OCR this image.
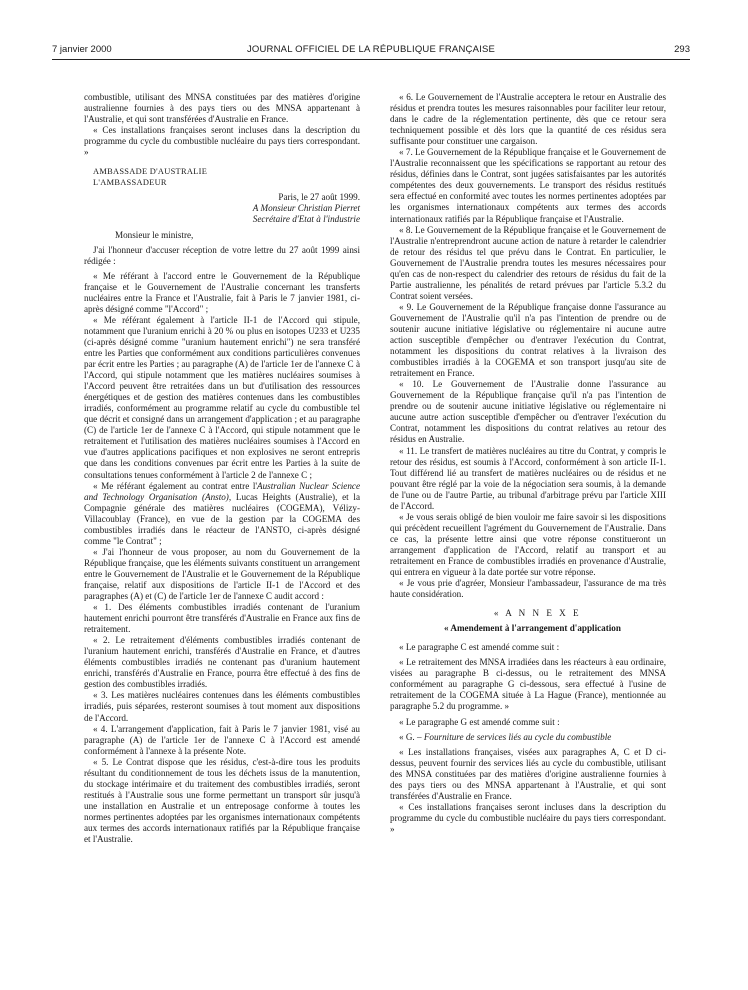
7 janvier 2000	JOURNAL OFFICIEL DE LA RÉPUBLIQUE FRANÇAISE	293

combustible, utilisant des MNSA constituées par des matières d'origine australienne fournies à des pays tiers ou des MNSA appartenant à l'Australie, et qui sont transférées d'Australie en France.

« Ces installations françaises seront incluses dans la description du programme du cycle du combustible nucléaire du pays tiers correspondant. »

AMBASSADE D'AUSTRALIE

L'AMBASSADEUR

Paris, le 27 août 1999.

A Monsieur Christian Pierret

Secrétaire d'Etat à l'industrie

Monsieur le ministre,

J'ai l'honneur d'accuser réception de votre lettre du 27 août 1999 ainsi rédigée :

« Me référant à l'accord entre le Gouvernement de la République française et le Gouvernement de l'Australie concernant les transferts nucléaires entre la France et l'Australie, fait à Paris le 7 janvier 1981, ci-après désigné comme "l'Accord" ;

« Me référant également à l'article II-1 de l'Accord qui stipule, notamment que l'uranium enrichi à 20 % ou plus en isotopes U233 et U235 (ci-après désigné comme "uranium hautement enrichi") ne sera transféré entre les Parties que conformément aux conditions particulières convenues par écrit entre les Parties ; au paragraphe (A) de l'article 1er de l'annexe C à l'Accord, qui stipule notamment que les matières nucléaires soumises à l'Accord peuvent être retraitées dans un but d'utilisation des ressources énergétiques et de gestion des matières contenues dans les combustibles irradiés, conformément au programme relatif au cycle du combustible tel que décrit et consigné dans un arrangement d'application ; et au paragraphe (C) de l'article 1er de l'annexe C à l'Accord, qui stipule notamment que le retraitement et l'utilisation des matières nucléaires soumises à l'Accord en vue d'autres applications pacifiques et non explosives ne seront entrepris que dans les conditions convenues par écrit entre les Parties à la suite de consultations tenues conformément à l'article 2 de l'annexe C ;

« Me référant également au contrat entre l'Australian Nuclear Science and Technology Organisation (Ansto), Lucas Heights (Australie), et la Compagnie générale des matières nucléaires (COGEMA), Vélizy-Villacoublay (France), en vue de la gestion par la COGEMA des combustibles irradiés dans le réacteur de l'ANSTO, ci-après désigné comme "le Contrat" ;

« J'ai l'honneur de vous proposer, au nom du Gouvernement de la République française, que les éléments suivants constituent un arrangement entre le Gouvernement de l'Australie et le Gouvernement de la République française, relatif aux dispositions de l'article II-1 de l'Accord et des paragraphes (A) et (C) de l'article 1er de l'annexe C audit accord :

« 1. Des éléments combustibles irradiés contenant de l'uranium hautement enrichi pourront être transférés d'Australie en France aux fins de retraitement.

« 2. Le retraitement d'éléments combustibles irradiés contenant de l'uranium hautement enrichi, transférés d'Australie en France, et d'autres éléments combustibles irradiés ne contenant pas d'uranium hautement enrichi, transférés d'Australie en France, pourra être effectué à des fins de gestion des combustibles irradiés.

« 3. Les matières nucléaires contenues dans les éléments combustibles irradiés, puis séparées, resteront soumises à tout moment aux dispositions de l'Accord.

« 4. L'arrangement d'application, fait à Paris le 7 janvier 1981, visé au paragraphe (A) de l'article 1er de l'annexe C à l'Accord est amendé conformément à l'annexe à la présente Note.

« 5. Le Contrat dispose que les résidus, c'est-à-dire tous les produits résultant du conditionnement de tous les déchets issus de la manutention, du stockage intérimaire et du traitement des combustibles irradiés, seront restitués à l'Australie sous une forme permettant un transport sûr jusqu'à une installation en Australie et un entreposage conforme à toutes les normes pertinentes adoptées par les organismes internationaux compétents aux termes des accords internationaux ratifiés par la République française et l'Australie.

« 6. Le Gouvernement de l'Australie acceptera le retour en Australie des résidus et prendra toutes les mesures raisonnables pour faciliter leur retour, dans le cadre de la réglementation pertinente, dès que ce retour sera techniquement possible et dès lors que la quantité de ces résidus sera suffisante pour constituer une cargaison.

« 7. Le Gouvernement de la République française et le Gouvernement de l'Australie reconnaissent que les spécifications se rapportant au retour des résidus, définies dans le Contrat, sont jugées satisfaisantes par les autorités compétentes des deux gouvernements. Le transport des résidus restitués sera effectué en conformité avec toutes les normes pertinentes adoptées par les organismes internationaux compétents aux termes des accords internationaux ratifiés par la République française et l'Australie.

« 8. Le Gouvernement de la République française et le Gouvernement de l'Australie n'entreprendront aucune action de nature à retarder le calendrier de retour des résidus tel que prévu dans le Contrat. En particulier, le Gouvernement de l'Australie prendra toutes les mesures nécessaires pour qu'en cas de non-respect du calendrier des retours de résidus du fait de la Partie australienne, les pénalités de retard prévues par l'article 5.3.2 du Contrat soient versées.

« 9. Le Gouvernement de la République française donne l'assurance au Gouvernement de l'Australie qu'il n'a pas l'intention de prendre ou de soutenir aucune initiative législative ou réglementaire ni aucune autre action susceptible d'empêcher ou d'entraver l'exécution du Contrat, notamment les dispositions du contrat relatives à la livraison des combustibles irradiés à la COGEMA et son transport jusqu'au site de retraitement en France.

« 10. Le Gouvernement de l'Australie donne l'assurance au Gouvernement de la République française qu'il n'a pas l'intention de prendre ou de soutenir aucune initiative législative ou réglementaire ni aucune autre action susceptible d'empêcher ou d'entraver l'exécution du Contrat, notamment les dispositions du contrat relatives au retour des résidus en Australie.

« 11. Le transfert de matières nucléaires au titre du Contrat, y compris le retour des résidus, est soumis à l'Accord, conformément à son article II-1. Tout différend lié au transfert de matières nucléaires ou de résidus et ne pouvant être réglé par la voie de la négociation sera soumis, à la demande de l'une ou de l'autre Partie, au tribunal d'arbitrage prévu par l'article XIII de l'Accord.

« Je vous serais obligé de bien vouloir me faire savoir si les dispositions qui précèdent recueillent l'agrément du Gouvernement de l'Australie. Dans ce cas, la présente lettre ainsi que votre réponse constitueront un arrangement d'application de l'Accord, relatif au transport et au retraitement en France de combustibles irradiés en provenance d'Australie, qui entrera en vigueur à la date portée sur votre réponse.

« Je vous prie d'agréer, Monsieur l'ambassadeur, l'assurance de ma très haute considération.

« A N N E X E

« Amendement à l'arrangement d'application

« Le paragraphe C est amendé comme suit :

« Le retraitement des MNSA irradiées dans les réacteurs à eau ordinaire, visées au paragraphe B ci-dessus, ou le retraitement des MNSA conformément au paragraphe G ci-dessous, sera effectué à l'usine de retraitement de la COGEMA située à La Hague (France), mentionnée au paragraphe 5.2 du programme. »

« Le paragraphe G est amendé comme suit :

« G. – Fourniture de services liés au cycle du combustible

« Les installations françaises, visées aux paragraphes A, C et D ci-dessus, peuvent fournir des services liés au cycle du combustible, utilisant des MNSA constituées par des matières d'origine australienne fournies à des pays tiers ou des MNSA appartenant à l'Australie, et qui sont transférées d'Australie en France.

« Ces installations françaises seront incluses dans la description du programme du cycle du combustible nucléaire du pays tiers correspondant. »
